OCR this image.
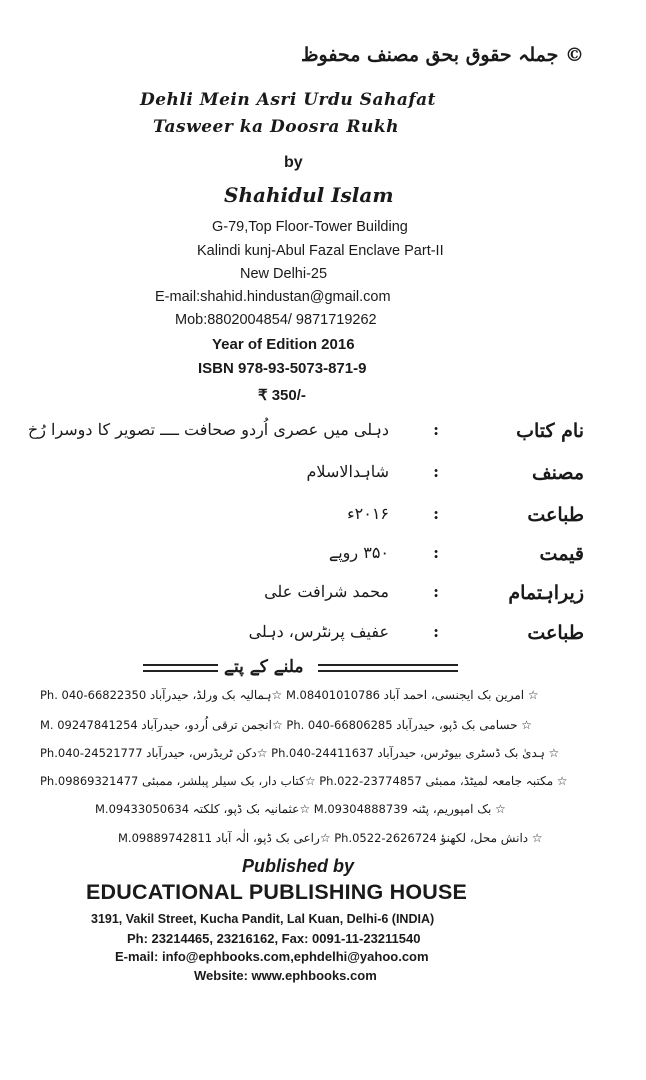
© جملہ حقوق بحق مصنف محفوظ
Dehli Mein Asri Urdu Sahafat
Tasweer ka Doosra Rukh
by
Shahidul Islam
G-79,Top Floor-Tower Building
Kalindi kunj-Abul Fazal Enclave Part-II
New Delhi-25
E-mail:shahid.hindustan@gmail.com
Mob:8802004854/ 9871719262
Year of Edition 2016
ISBN 978-93-5073-871-9
₹ 350/-
نام کتاب
:
دہلی میں عصری اُردو صحافت ــــ تصویر کا دوسرا رُخ
مصنف
:
شاہدالاسلام
طباعت
:
۲۰۱۶ء
قیمت
:
۳۵۰ روپے
زیراہتمام
:
محمد شرافت علی
طباعت
:
عفیف پرنٹرس، دہلی
ملنے کے پتے
Ph. 040-66822350 ہمالیہ بک ورلڈ، حیدرآباد☆ M.08401010786 امرین بک ایجنسی، احمد آباد ☆
M. 09247841254 انجمن ترقی اُردو، حیدرآباد☆ Ph. 040-66806285 حسامی بک ڈپو، حیدرآباد ☆
Ph.040-24521777 دکن ٹریڈرس، حیدرآباد☆ Ph.040-24411637 ہدیٰ بک ڈسٹری بیوٹرس، حیدرآباد ☆
Ph.09869321477 کتاب دار، بک سیلر پبلشر، ممبئی☆ Ph.022-23774857 مکتبہ جامعہ لمیٹڈ، ممبئی ☆
M.09433050634 عثمانیہ بک ڈپو، کلکتہ☆ M.09304888739 بک امپوریم، پٹنہ ☆
M.09889742811 راعی بک ڈپو، الٰہ آباد☆ Ph.0522-2626724 دانش محل، لکھنؤ ☆
Published by
EDUCATIONAL PUBLISHING HOUSE
3191, Vakil Street, Kucha Pandit, Lal Kuan, Delhi-6 (INDIA)
Ph: 23214465, 23216162, Fax: 0091-11-23211540
E-mail: info@ephbooks.com,ephdelhi@yahoo.com
Website: www.ephbooks.com
